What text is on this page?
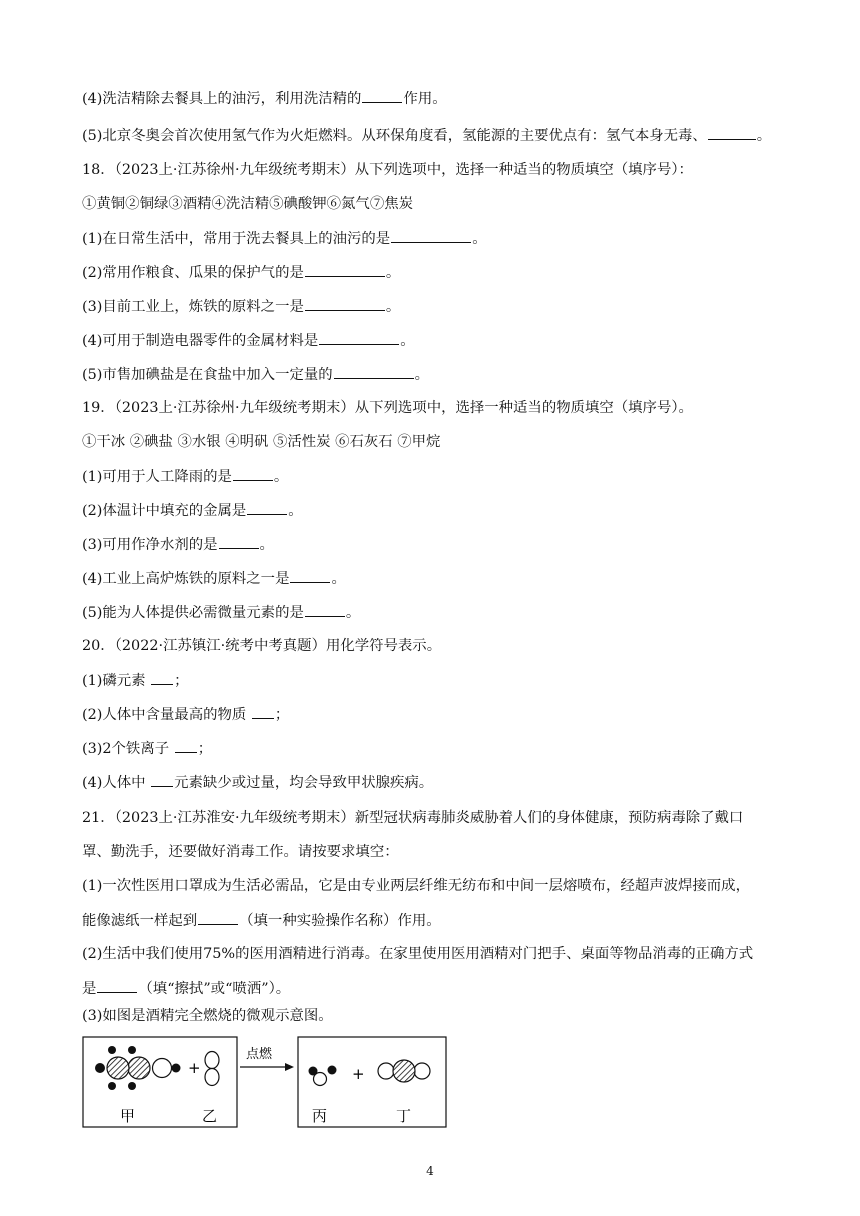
(4)洗洁精除去餐具上的油污，利用洗洁精的	作用。

(5)北京冬奥会首次使用氢气作为火炬燃料。从环保角度看，氢能源的主要优点有：氢气本身无毒、	。

18．（2023上·江苏徐州·九年级统考期末）从下列选项中，选择一种适当的物质填空（填序号）：

①黄铜②铜绿③酒精④洗洁精⑤碘酸钾⑥氮气⑦焦炭

(1)在日常生活中，常用于洗去餐具上的油污的是	。

(2)常用作粮食、瓜果的保护气的是	。

(3)目前工业上，炼铁的原料之一是	。

(4)可用于制造电器零件的金属材料是	。

(5)市售加碘盐是在食盐中加入一定量的	。

19．（2023上·江苏徐州·九年级统考期末）从下列选项中，选择一种适当的物质填空（填序号）。

①干冰 ②碘盐 ③水银 ④明矾 ⑤活性炭 ⑥石灰石 ⑦甲烷

(1)可用于人工降雨的是	。

(2)体温计中填充的金属是	。

(3)可用作净水剂的是	。

(4)工业上高炉炼铁的原料之一是	。

(5)能为人体提供必需微量元素的是	。

20．（2022·江苏镇江·统考中考真题）用化学符号表示。

(1)磷元素 ；

(2)人体中含量最高的物质 ；

(3)2个铁离子 ；

(4)人体中 元素缺少或过量，均会导致甲状腺疾病。

21．（2023上·江苏淮安·九年级统考期末）新型冠状病毒肺炎威胁着人们的身体健康，预防病毒除了戴口

罩、勤洗手，还要做好消毒工作。请按要求填空：

(1)一次性医用口罩成为生活必需品，它是由专业两层纤维无纺布和中间一层熔喷布，经超声波焊接而成，

能像滤纸一样起到	（填一种实验操作名称）作用。

(2)生活中我们使用75%的医用酒精进行消毒。在家里使用医用酒精对门把手、桌面等物品消毒的正确方式

是	（填“擦拭”或“喷洒”）。

(3)如图是酒精完全燃烧的微观示意图。

+
甲	乙
点燃
+
丙	丁
4
